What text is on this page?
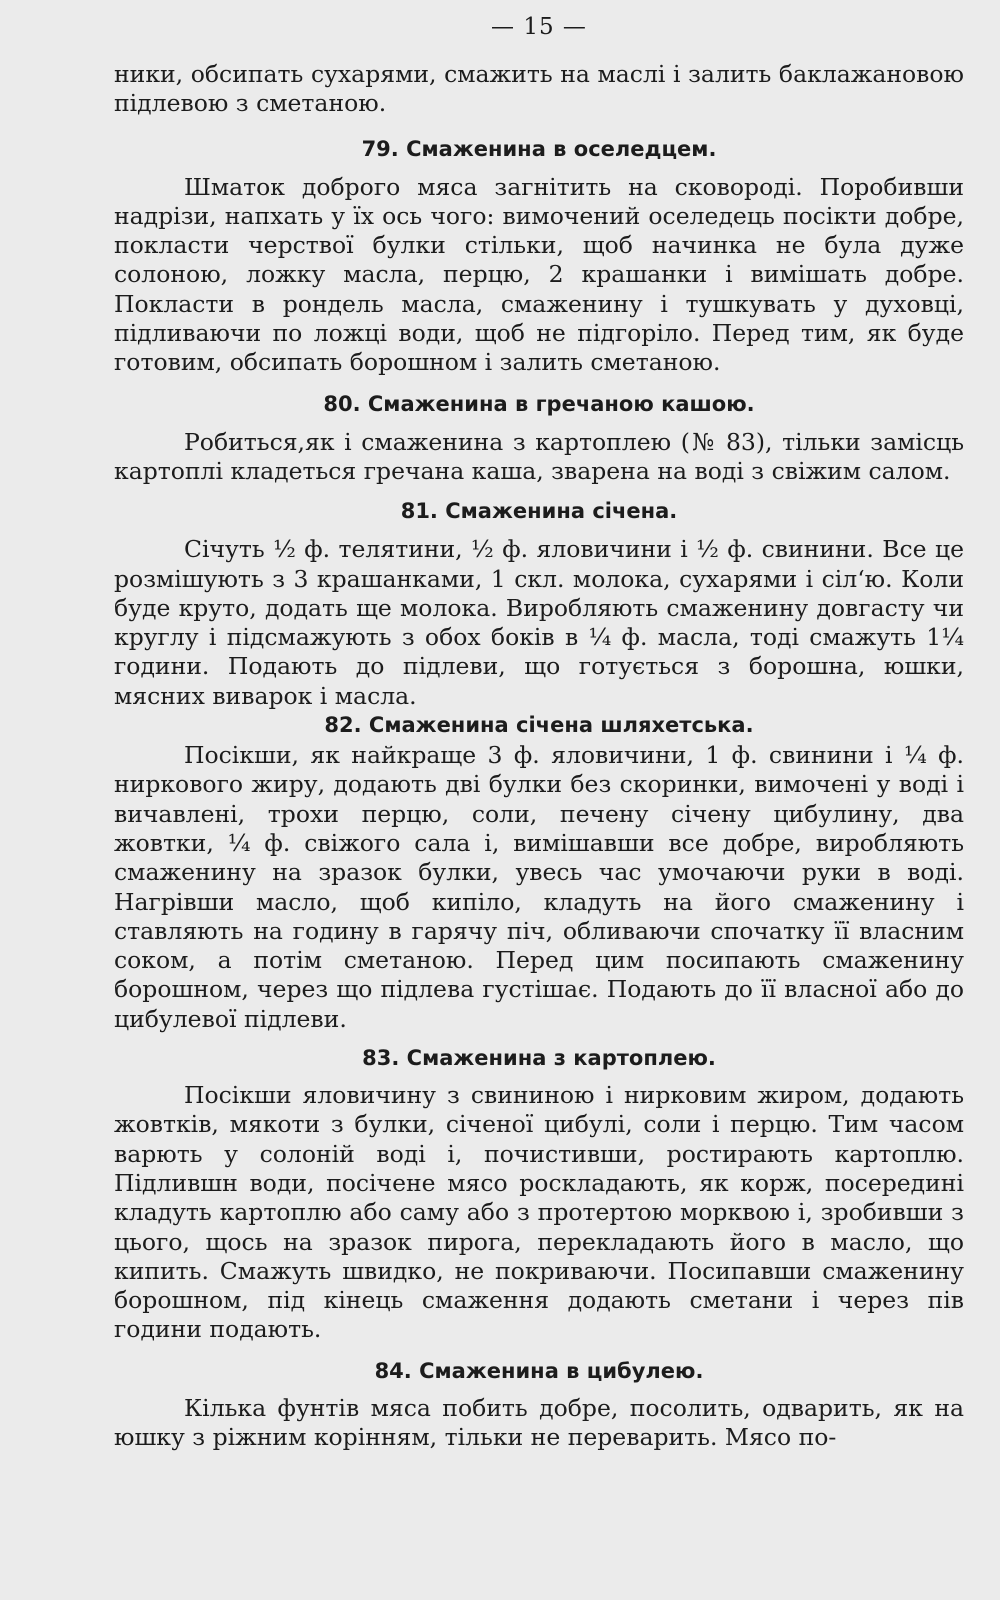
— 15 —

ники, обсипать сухарями, смажить на маслі і залить баклажановою підлевою з сметаною.

79. Смаженина в оселедцем.

Шматок доброго мяса загнітить на сковороді. Поробивши надрізи, напхать у їх ось чого: вимочений оселедець посікти добре, покласти черствої булки стільки, щоб начинка не була дуже солоною, ложку масла, перцю, 2 крашанки і вимішать добре. Покласти в рондель масла, смаженину і тушкувать у духовці, підливаючи по ложці води, щоб не підгоріло. Перед тим, як буде готовим, обсипать борошном і залить сметаною.

80. Смаженина в гречаною кашою.

Робиться,як і смаженина з картоплею (№ 83), тільки замісць картоплі кладеться гречана каша, зварена на воді з свіжим салом.

81. Смаженина січена.

Січуть ½ ф. телятини, ½ ф. яловичини і ½ ф. свинини. Все це розмішують з 3 крашанками, 1 скл. молока, сухарями і сіл‘ю. Коли буде круто, додать ще молока. Виробляють смаженину довгасту чи круглу і підсмажують з обох боків в ¼ ф. масла, тоді смажуть 1¼ години. Подають до підлеви, що готується з борошна, юшки, мясних виварок і масла.

82. Смаженина січена шляхетська.

Посікши, як найкраще 3 ф. яловичини, 1 ф. свинини і ¼ ф. ниркового жиру, додають дві булки без скоринки, вимочені у воді і вичавлені, трохи перцю, соли, печену січену цибулину, два жовтки, ¼ ф. свіжого сала і, вимішавши все добре, виробляють смаженину на зразок булки, увесь час умочаючи руки в воді. Нагрівши масло, щоб кипіло, кладуть на його смаженину і ставляють на годину в гарячу піч, обливаючи спочатку її власним соком, а потім сметаною. Перед цим посипають смаженину борошном, через що підлева густішає. Подають до її власної або до цибулевої підлеви.

83. Смаженина з картоплею.

Посікши яловичину з свининою і нирковим жиром, додають жовтків, мякоти з булки, січеної цибулі, соли і перцю. Тим часом варють у солоній воді і, почистивши, ростирають картоплю. Підлившн води, посічене мясо роскладають, як корж, посередині кладуть картоплю або саму або з протертою морквою і, зробивши з цього, щось на зразок пирога, перекладають його в масло, що кипить. Смажуть швидко, не покриваючи. Посипавши смаженину борошном, під кінець смаження додають сметани і через пів години подають.

84. Смаженина в цибулею.

Кілька фунтів мяса побить добре, посолить, одварить, як на юшку з ріжним корінням, тільки не переварить. Мясо по-
